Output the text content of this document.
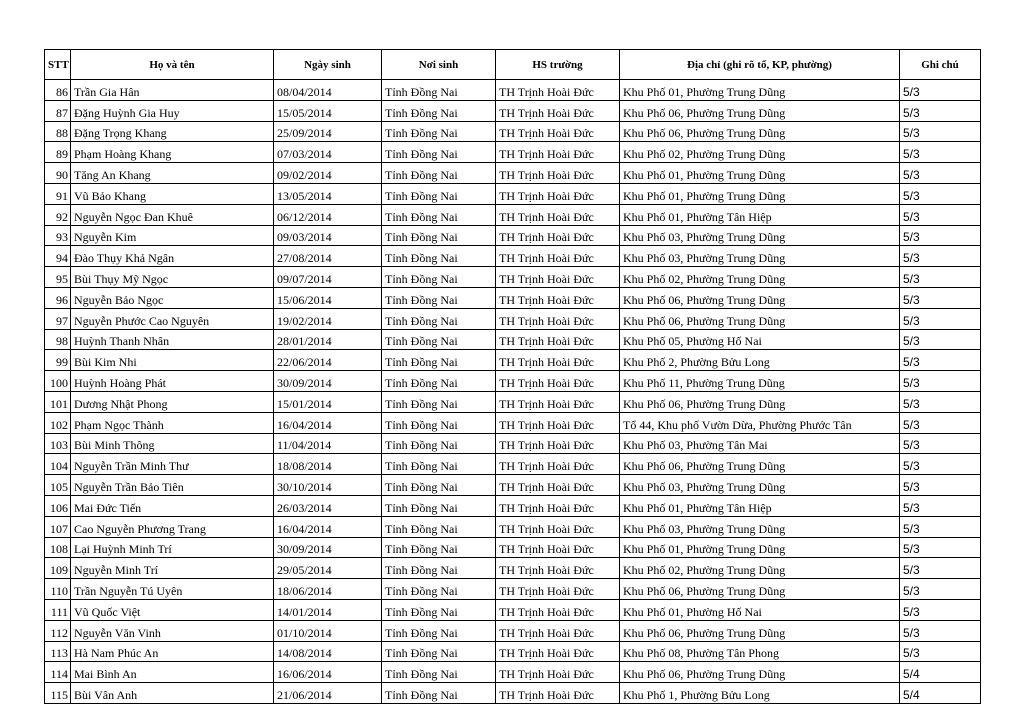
STT	Họ và tên	Ngày sinh	Nơi sinh	HS trường	Địa chỉ (ghi rõ tổ, KP, phường)	Ghi chú
86	Trần Gia Hân	08/04/2014	Tỉnh Đồng Nai	TH Trịnh Hoài Đức	Khu Phố 01, Phường Trung Dũng	5/3
87	Đặng Huỳnh Gia Huy	15/05/2014	Tỉnh Đồng Nai	TH Trịnh Hoài Đức	Khu Phố 06, Phường Trung Dũng	5/3
88	Đặng Trọng Khang	25/09/2014	Tỉnh Đồng Nai	TH Trịnh Hoài Đức	Khu Phố 06, Phường Trung Dũng	5/3
89	Phạm Hoàng Khang	07/03/2014	Tỉnh Đồng Nai	TH Trịnh Hoài Đức	Khu Phố 02, Phường Trung Dũng	5/3
90	Tăng An Khang	09/02/2014	Tỉnh Đồng Nai	TH Trịnh Hoài Đức	Khu Phố 01, Phường Trung Dũng	5/3
91	Vũ Bảo Khang	13/05/2014	Tỉnh Đồng Nai	TH Trịnh Hoài Đức	Khu Phố 01, Phường Trung Dũng	5/3
92	Nguyễn Ngọc Đan Khuê	06/12/2014	Tỉnh Đồng Nai	TH Trịnh Hoài Đức	Khu Phố 01, Phường Tân Hiệp	5/3
93	Nguyễn Kim	09/03/2014	Tỉnh Đồng Nai	TH Trịnh Hoài Đức	Khu Phố 03, Phường Trung Dũng	5/3
94	Đào Thụy Khả Ngân	27/08/2014	Tỉnh Đồng Nai	TH Trịnh Hoài Đức	Khu Phố 03, Phường Trung Dũng	5/3
95	Bùi Thụy Mỹ Ngọc	09/07/2014	Tỉnh Đồng Nai	TH Trịnh Hoài Đức	Khu Phố 02, Phường Trung Dũng	5/3
96	Nguyễn Bảo Ngọc	15/06/2014	Tỉnh Đồng Nai	TH Trịnh Hoài Đức	Khu Phố 06, Phường Trung Dũng	5/3
97	Nguyễn Phước Cao Nguyên	19/02/2014	Tỉnh Đồng Nai	TH Trịnh Hoài Đức	Khu Phố 06, Phường Trung Dũng	5/3
98	Huỳnh Thanh Nhân	28/01/2014	Tỉnh Đồng Nai	TH Trịnh Hoài Đức	Khu Phố 05, Phường Hố Nai	5/3
99	Bùi Kim Nhi	22/06/2014	Tỉnh Đồng Nai	TH Trịnh Hoài Đức	Khu Phố 2, Phường Bửu Long	5/3
100	Huỳnh Hoàng Phát	30/09/2014	Tỉnh Đồng Nai	TH Trịnh Hoài Đức	Khu Phố 11, Phường Trung Dũng	5/3
101	Dương Nhật Phong	15/01/2014	Tỉnh Đồng Nai	TH Trịnh Hoài Đức	Khu Phố 06, Phường Trung Dũng	5/3
102	Phạm Ngọc Thành	16/04/2014	Tỉnh Đồng Nai	TH Trịnh Hoài Đức	Tổ 44, Khu phố Vườn Dừa, Phường Phước Tân	5/3
103	Bùi Minh Thông	11/04/2014	Tỉnh Đồng Nai	TH Trịnh Hoài Đức	Khu Phố 03, Phường Tân Mai	5/3
104	Nguyễn Trần Minh Thư	18/08/2014	Tỉnh Đồng Nai	TH Trịnh Hoài Đức	Khu Phố 06, Phường Trung Dũng	5/3
105	Nguyễn Trần Bảo Tiên	30/10/2014	Tỉnh Đồng Nai	TH Trịnh Hoài Đức	Khu Phố 03, Phường Trung Dũng	5/3
106	Mai Đức Tiến	26/03/2014	Tỉnh Đồng Nai	TH Trịnh Hoài Đức	Khu Phố 01, Phường Tân Hiệp	5/3
107	Cao Nguyễn Phương Trang	16/04/2014	Tỉnh Đồng Nai	TH Trịnh Hoài Đức	Khu Phố 03, Phường Trung Dũng	5/3
108	Lại Huỳnh Minh Trí	30/09/2014	Tỉnh Đồng Nai	TH Trịnh Hoài Đức	Khu Phố 01, Phường Trung Dũng	5/3
109	Nguyễn Minh Trí	29/05/2014	Tỉnh Đồng Nai	TH Trịnh Hoài Đức	Khu Phố 02, Phường Trung Dũng	5/3
110	Trần Nguyễn Tú Uyên	18/06/2014	Tỉnh Đồng Nai	TH Trịnh Hoài Đức	Khu Phố 06, Phường Trung Dũng	5/3
111	Vũ Quốc Việt	14/01/2014	Tỉnh Đồng Nai	TH Trịnh Hoài Đức	Khu Phố 01, Phường Hố Nai	5/3
112	Nguyễn Văn Vinh	01/10/2014	Tỉnh Đồng Nai	TH Trịnh Hoài Đức	Khu Phố 06, Phường Trung Dũng	5/3
113	Hà Nam Phúc An	14/08/2014	Tỉnh Đồng Nai	TH Trịnh Hoài Đức	Khu Phố 08, Phường Tân Phong	5/3
114	Mai Bình An	16/06/2014	Tỉnh Đồng Nai	TH Trịnh Hoài Đức	Khu Phố 06, Phường Trung Dũng	5/4
115	Bùi Vân Anh	21/06/2014	Tỉnh Đồng Nai	TH Trịnh Hoài Đức	Khu Phố 1, Phường Bửu Long	5/4
